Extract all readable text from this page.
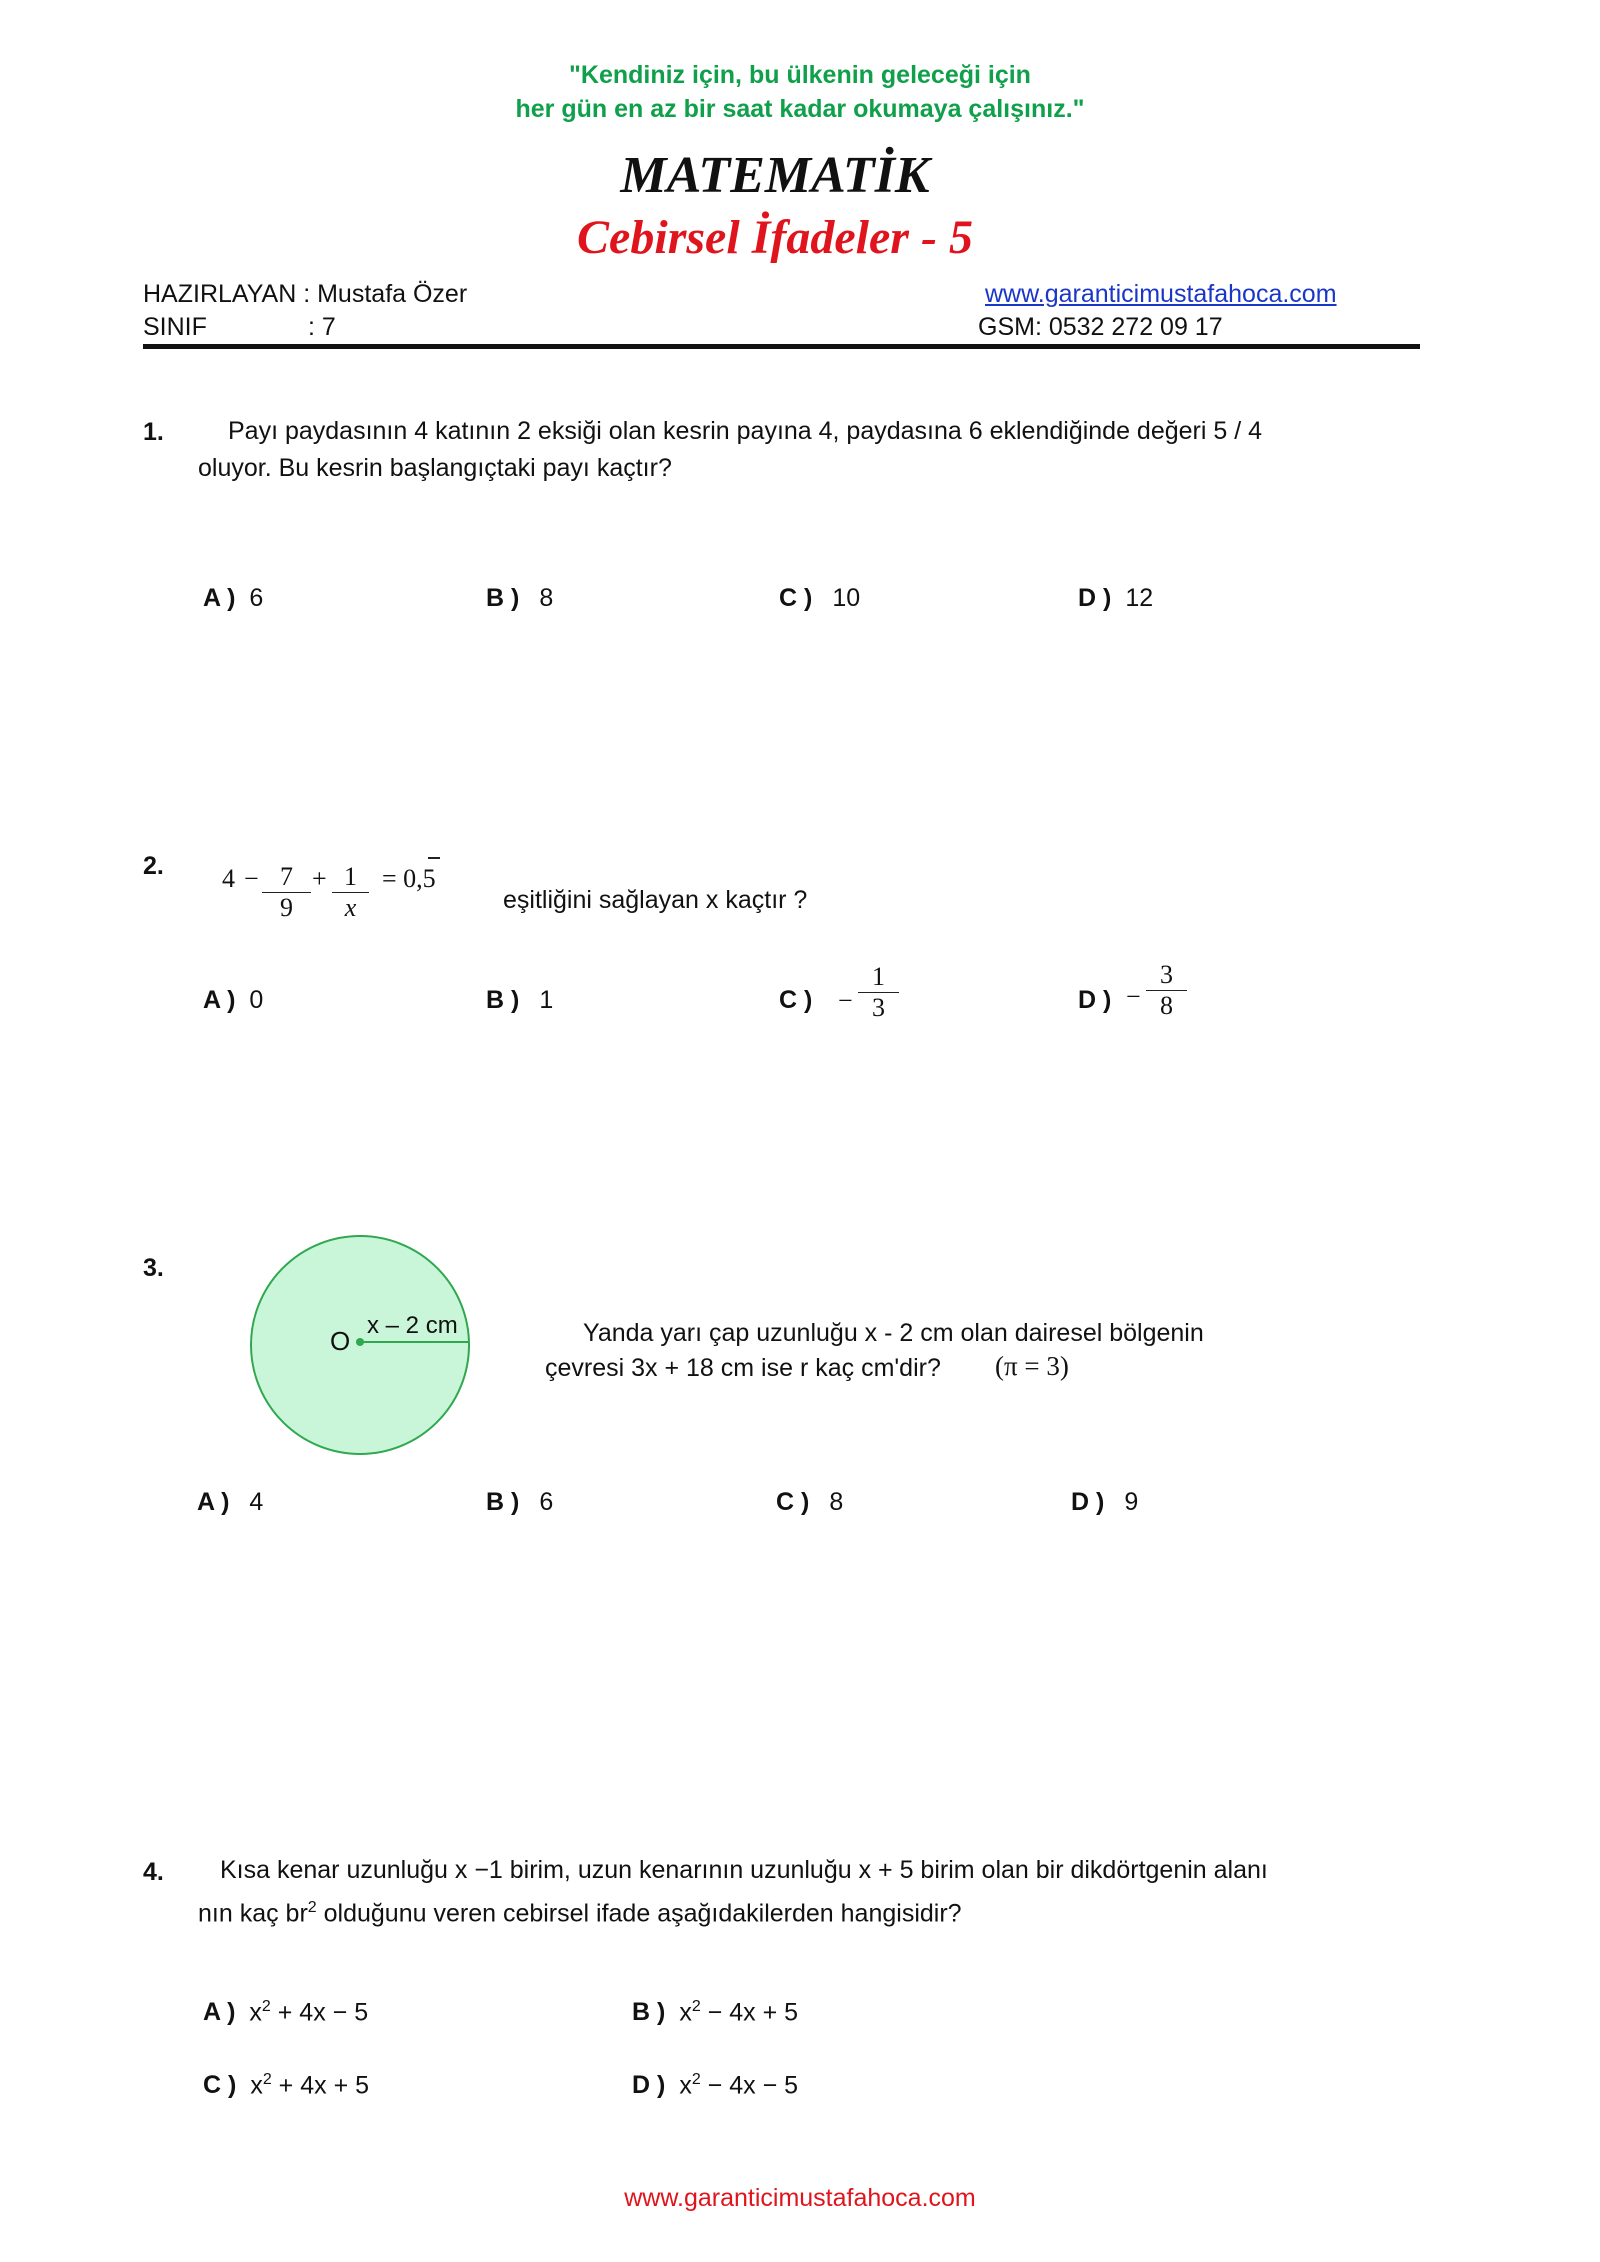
"Kendiniz için, bu ülkenin geleceği için
her gün en az bir saat kadar okumaya çalışınız."
MATEMATİK
Cebirsel İfadeler - 5
HAZIRLAYAN : Mustafa Özer
SINIF	: 7
www.garanticimustafahoca.com
GSM: 0532 272 09 17
1.	Payı paydasının 4 katının 2 eksiği olan kesrin payına 4, paydasına 6 eklendiğinde değeri 5 / 4
oluyor. Bu kesrin başlangıçtaki payı kaçtır?
A ) 6	B ) 8	C ) 10	D ) 12
2. $4 - \frac{7}{9} + \frac{1}{x} = 0,5$
eşitliğini sağlayan x kaçtır ?
A ) 0	B ) 1	C ) − $\frac{1}{3}$	D ) − $\frac{3}{8}$
3.
O
x – 2 cm	Yanda yarı çap uzunluğu x - 2 cm olan dairesel bölgenin
çevresi 3x + 18 cm ise r kaç cm'dir? (π = 3)
A ) 4	B ) 6	C ) 8	D ) 9
4. Kısa kenar uzunluğu x −1 birim, uzun kenarının uzunluğu x + 5 birim olan bir dikdörtgenin alanı
nın kaç $br^2$ olduğunu veren cebirsel ifade aşağıdakilerden hangisidir?
A ) $x^2 + 4x - 5$	B ) $x^2 - 4x + 5$
C ) $x^2 + 4x + 5$	D ) $x^2 - 4x - 5$
www.garanticimustafahoca.com
